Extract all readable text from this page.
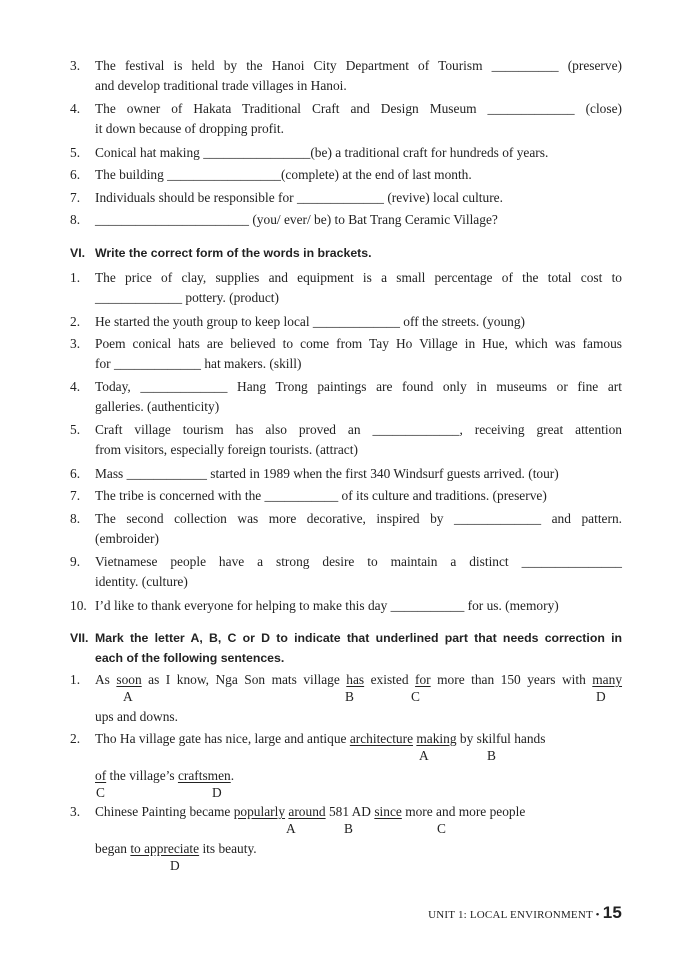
3.	The festival is held by the Hanoi City Department of Tourism __________ (preserve)
and develop traditional trade villages in Hanoi.
4.	The owner of Hakata Traditional Craft and Design Museum _____________ (close)
it down because of dropping profit.
5.	Conical hat making ________________(be) a traditional craft for hundreds of years.
6.	The building _________________(complete) at the end of last month.
7.	Individuals should be responsible for _____________ (revive) local culture.
8.	_______________________ (you/ ever/ be) to Bat Trang Ceramic Village?
VI. Write the correct form of the words in brackets.
1.	The price of clay, supplies and equipment is a small percentage of the total cost to
_____________ pottery. (product)
2.	He started the youth group to keep local _____________ off the streets. (young)
3.	Poem conical hats are believed to come from Tay Ho Village in Hue, which was famous
for _____________ hat makers. (skill)
4.	Today, _____________ Hang Trong paintings are found only in museums or fine art
galleries. (authenticity)
5.	Craft village tourism has also proved an _____________, receiving great attention
from visitors, especially foreign tourists. (attract)
6.	Mass ____________ started in 1989 when the first 340 Windsurf guests arrived. (tour)
7.	The tribe is concerned with the ___________ of its culture and traditions. (preserve)
8.	The second collection was more decorative, inspired by _____________ and pattern.
(embroider)
9.	Vietnamese people have a strong desire to maintain a distinct _______________
identity. (culture)
10. I’d like to thank everyone for helping to make this day ___________ for us. (memory)
VII. Mark the letter A, B, C or D to indicate that underlined part that needs correction in
each of the following sentences.
1.	As soon as I know, Nga Son mats village has existed for more than 150 years with many
A	B	C	D
ups and downs.
2.	Tho Ha village gate has nice, large and antique architecture making by skilful hands
A	B
of the village’s craftsmen.
C	D
3.	Chinese Painting became popularly around 581 AD since more and more people
A	B	C
began to appreciate its beauty.
D
UNIT 1: LOCAL ENVIRONMENT • 15
